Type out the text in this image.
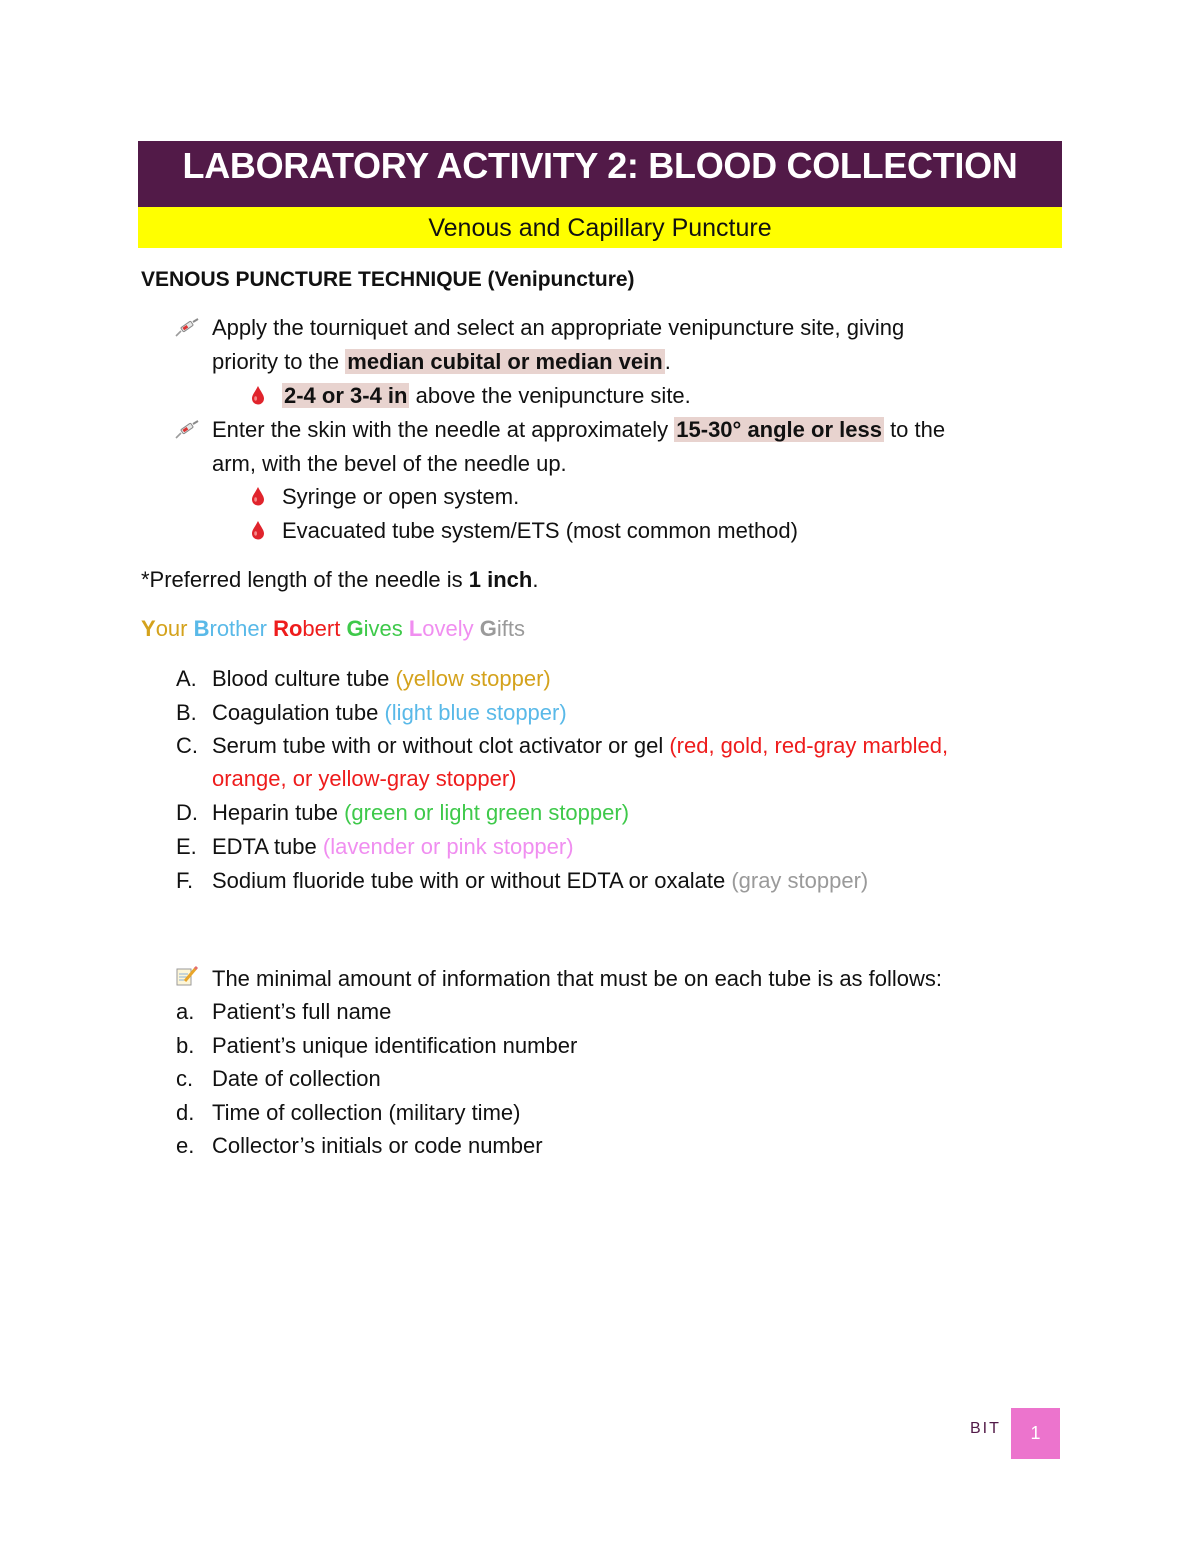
LABORATORY ACTIVITY 2: BLOOD COLLECTION
Venous and Capillary Puncture
VENOUS PUNCTURE TECHNIQUE (Venipuncture)
Apply the tourniquet and select an appropriate venipuncture site, giving
priority to the median cubital or median vein.
2-4 or 3-4 in above the venipuncture site.
Enter the skin with the needle at approximately 15-30° angle or less to the
arm, with the bevel of the needle up.
Syringe or open system.
Evacuated tube system/ETS (most common method)
*Preferred length of the needle is 1 inch.
Your Brother Robert Gives Lovely Gifts
A. Blood culture tube (yellow stopper)
B. Coagulation tube (light blue stopper)
C. Serum tube with or without clot activator or gel (red, gold, red-gray marbled,
orange, or yellow-gray stopper)
D. Heparin tube (green or light green stopper)
E. EDTA tube (lavender or pink stopper)
F. Sodium fluoride tube with or without EDTA or oxalate (gray stopper)
The minimal amount of information that must be on each tube is as follows:
a. Patient’s full name
b. Patient’s unique identification number
c. Date of collection
d. Time of collection (military time)
e. Collector’s initials or code number
BIT	1
